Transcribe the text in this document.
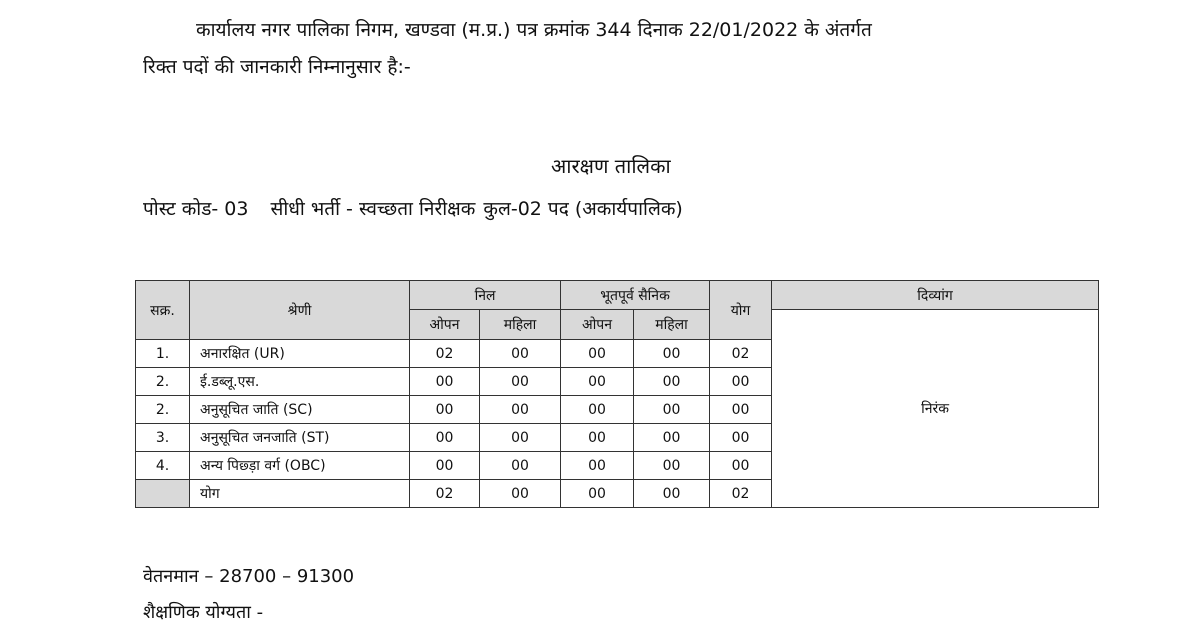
कार्यालय नगर पालिका निगम, खण्डवा (म.प्र.) पत्र क्रमांक 344 दिनाक 22/01/2022 के अंतर्गत
रिक्त पदों की जानकारी निम्नानुसार है:-
आरक्षण तालिका
पोस्ट कोड- 03 सीधी भर्ती - स्वच्छता निरीक्षक कुल-02 पद (अकार्यपालिक)
सक्र.	श्रेणी	निल		भूतपूर्व सैनिक		योग	दिव्यांग
		ओपन	महिला	ओपन	महिला		निरंक
1.	अनारक्षित (UR)	02	00	00	00	02	
2.	ई.डब्लू.एस.	00	00	00	00	00	
2.	अनुसूचित जाति (SC)	00	00	00	00	00	
3.	अनुसूचित जनजाति (ST)	00	00	00	00	00	
4.	अन्य पिछ्ड़ा वर्ग (OBC)	00	00	00	00	00	
	योग	02	00	00	00	02	
वेतनमान – 28700 – 91300
शैक्षणिक योग्यता -
